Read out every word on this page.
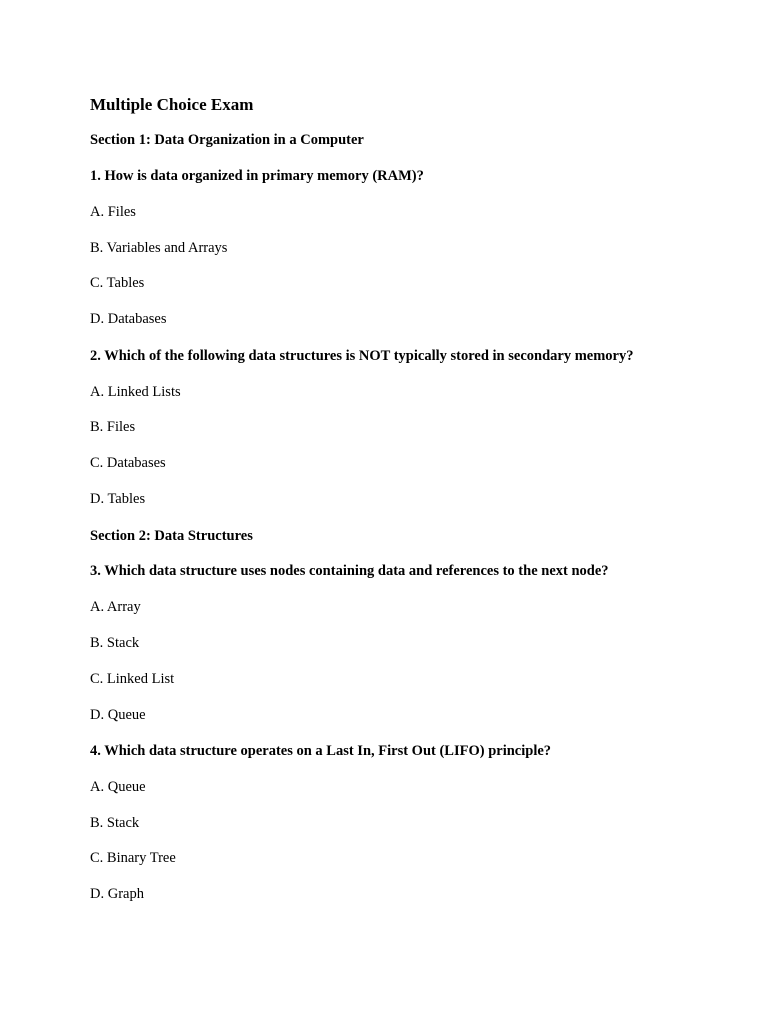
Multiple Choice Exam
Section 1: Data Organization in a Computer

1. How is data organized in primary memory (RAM)?

A. Files

B. Variables and Arrays

C. Tables

D. Databases

2. Which of the following data structures is NOT typically stored in secondary memory?

A. Linked Lists

B. Files

C. Databases

D. Tables

Section 2: Data Structures

3. Which data structure uses nodes containing data and references to the next node?

A. Array

B. Stack

C. Linked List

D. Queue

4. Which data structure operates on a Last In, First Out (LIFO) principle?

A. Queue

B. Stack

C. Binary Tree

D. Graph
